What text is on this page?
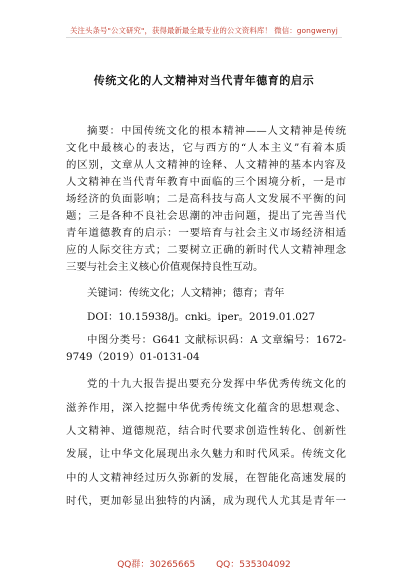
关注头条号"公文研究"，获得最新最全最专业的公文资料库！ 微信：gongwenyj
传统文化的人文精神对当代青年德育的启示
摘要：中国传统文化的根本精神——人文精神是传统
文化中最核心的表达，它与西方的“人本主义”有着本质
的区别，文章从人文精神的诠释、人文精神的基本内容及
人文精神在当代青年教育中面临的三个困境分析，一是市
场经济的负面影响；二是高科技与高人文发展不平衡的问
题；三是各种不良社会思潮的冲击问题，提出了完善当代
青年道德教育的启示：一要培育与社会主义市场经济相适
应的人际交往方式；二要树立正确的新时代人文精神理念
三要与社会主义核心价值观保持良性互动。
关键词：传统文化；人文精神；德育；青年
DOI：10.15938/j。cnki。iper。2019.01.027
中图分类号：G641 文献标识码：A 文章编号：1672-
9749（2019）01-0131-04
党的十九大报告提出要充分发挥中华优秀传统文化的
滋养作用，深入挖掘中华优秀传统文化蕴含的思想观念、
人文精神、道德规范，结合时代要求创造性转化、创新性
发展，让中华文化展现出永久魅力和时代风采。传统文化
中的人文精神经过历久弥新的发展，在智能化高速发展的
时代，更加彰显出独特的内涵，成为现代人尤其是青年一
QQ群：30265665 QQ：535304092
